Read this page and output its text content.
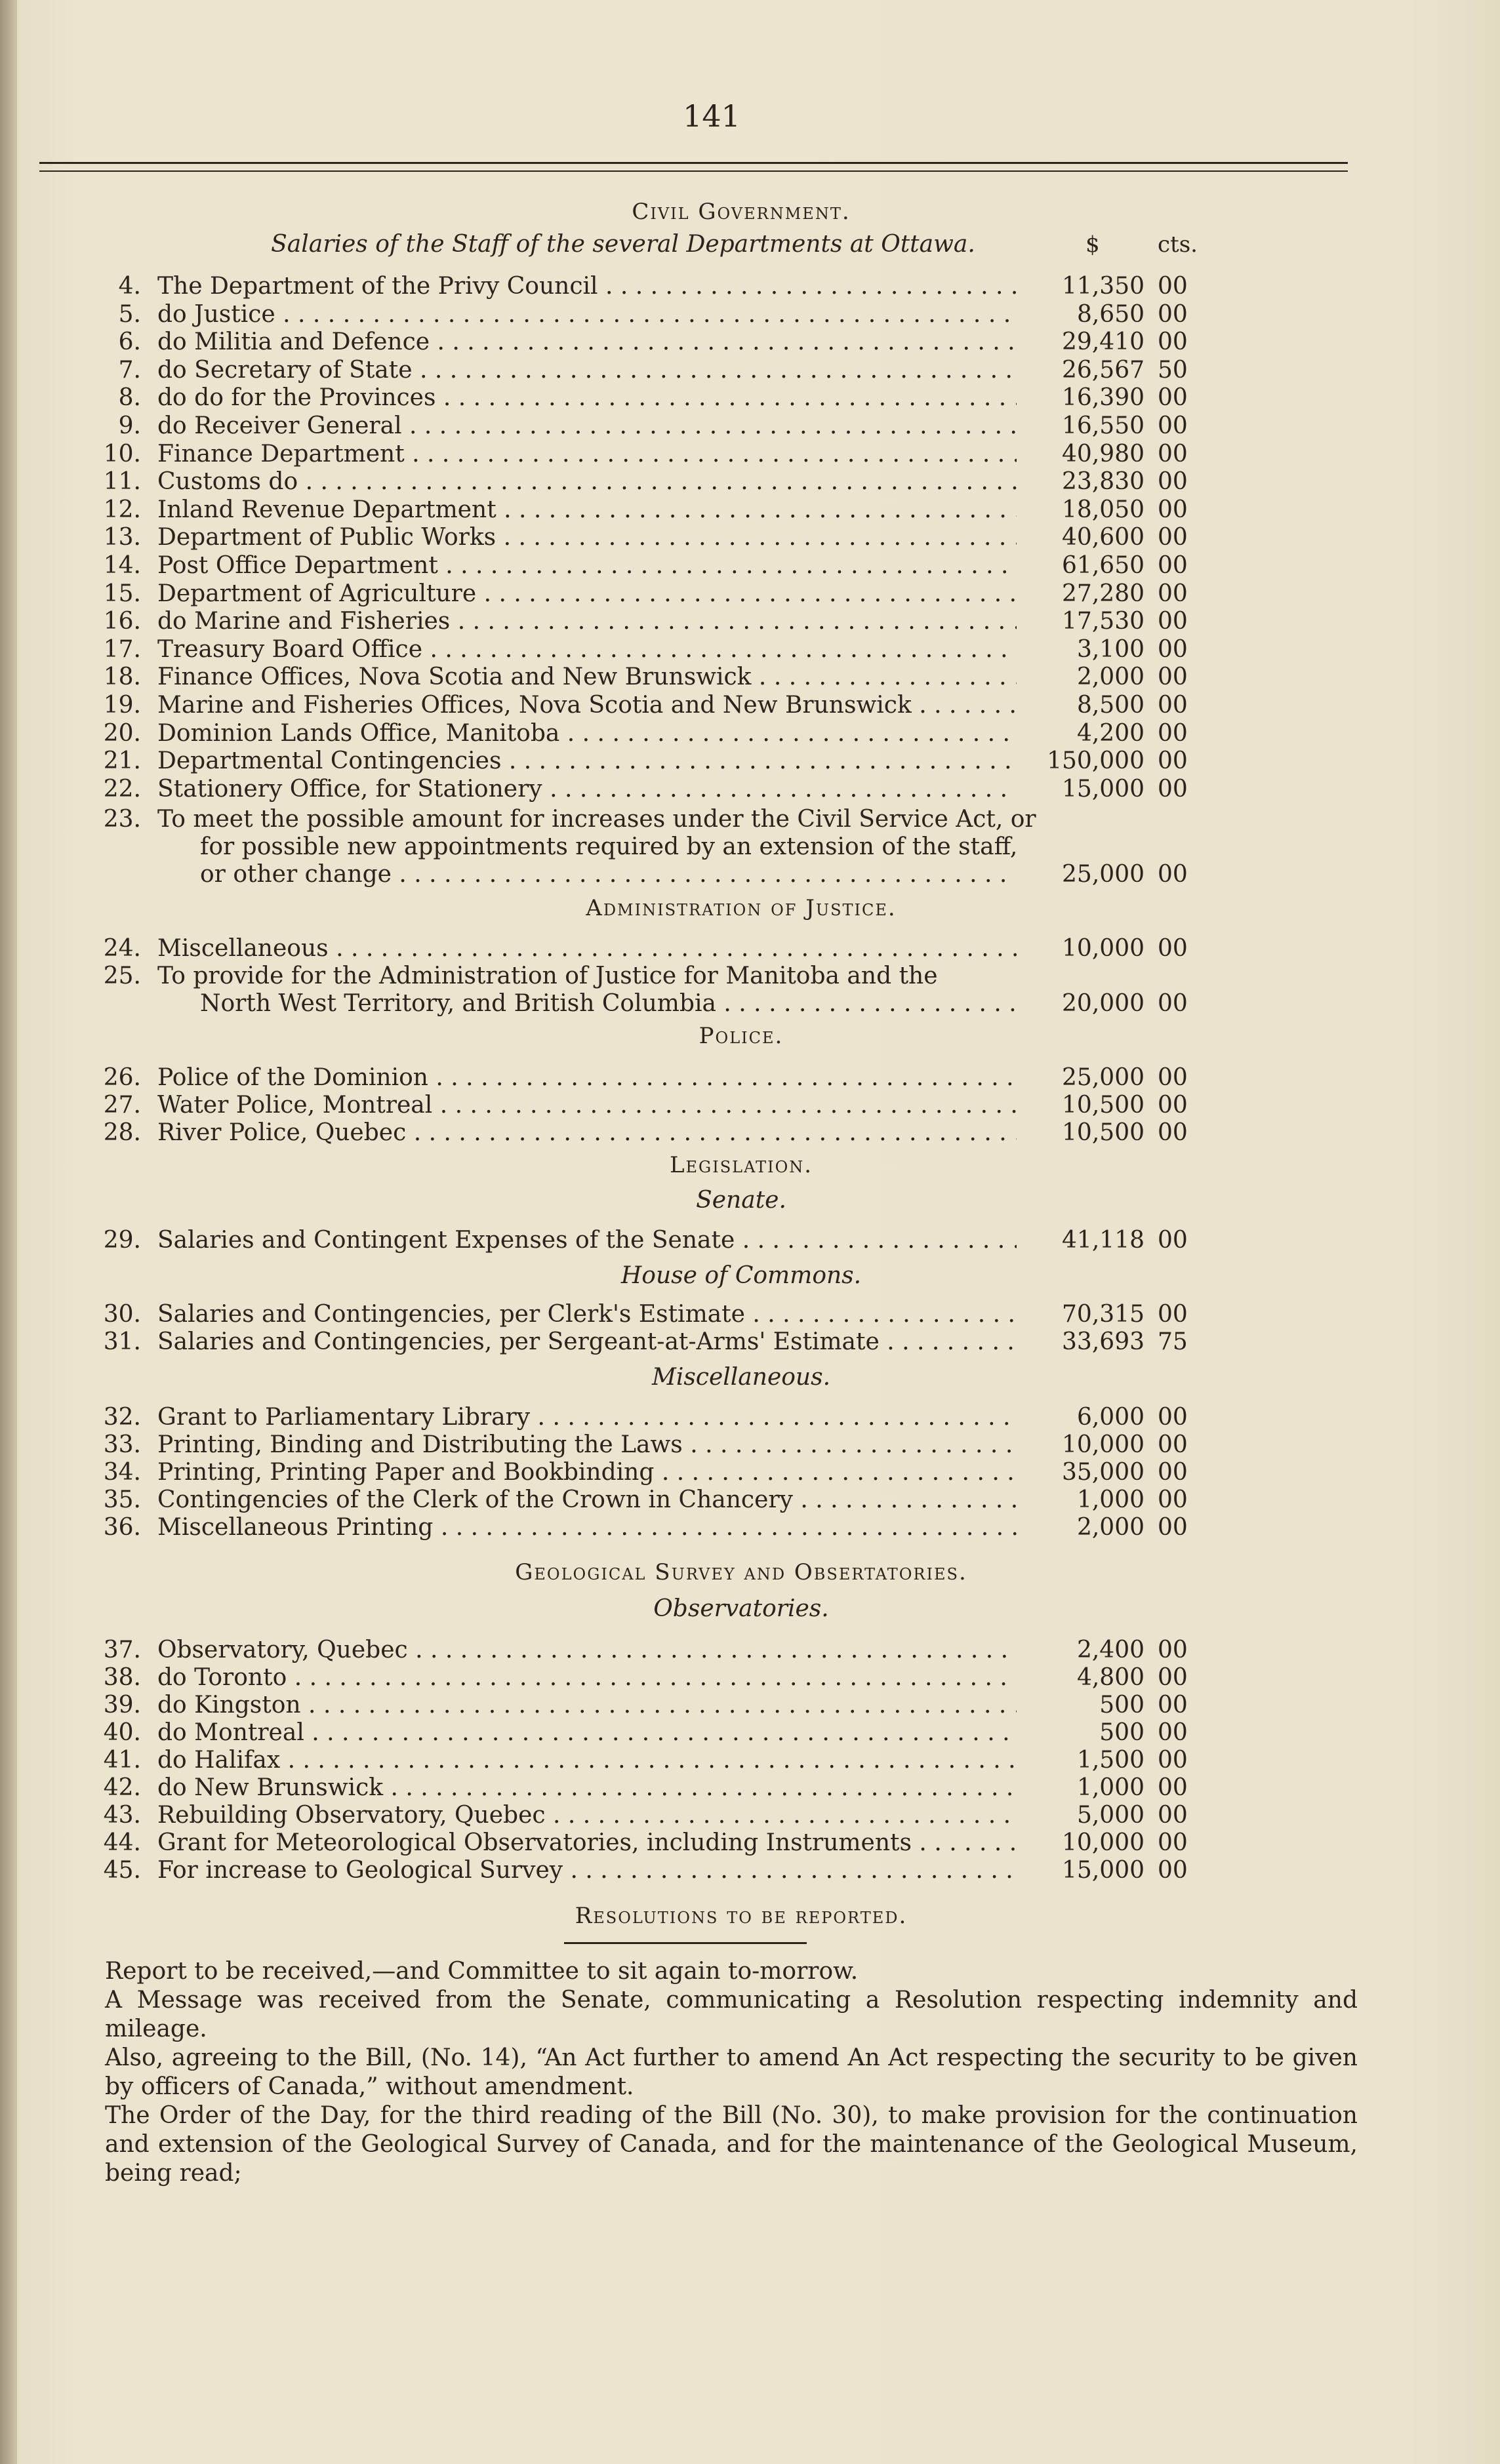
141
Civil Government.
Salaries of the Staff of the several Departments at Ottawa.	$	cts.
4. The Department of the Privy Council . . .	11,350 00
5. do Justice . . .	8,650 00
6. do Militia and Defence . . .	29,410 00
7. do Secretary of State . . .	26,567 50
8. do do for the Provinces . . .	16,390 00
9. do Receiver General . . .	16,550 00
10. Finance Department . . .	40,980 00
11. Customs do . . .	23,830 00
12. Inland Revenue Department . . .	18,050 00
13. Department of Public Works . . .	40,600 00
14. Post Office Department . . .	61,650 00
15. Department of Agriculture . . .	27,280 00
16. do Marine and Fisheries . . .	17,530 00
17. Treasury Board Office . . .	3,100 00
18. Finance Offices, Nova Scotia and New Brunswick . . .	2,000 00
19. Marine and Fisheries Offices, Nova Scotia and New Brunswick . . .	8,500 00
20. Dominion Lands Office, Manitoba . . .	4,200 00
21. Departmental Contingencies . . .	150,000 00
22. Stationery Office, for Stationery . . .	15,000 00
23. To meet the possible amount for increases under the Civil Service Act, or
for possible new appointments required by an extension of the staff,
or other change . . .	25,000 00
Administration of Justice.
24. Miscellaneous . . .	10,000 00
25. To provide for the Administration of Justice for Manitoba and the
North West Territory, and British Columbia . . .	20,000 00
Police.
26. Police of the Dominion . . .	25,000 00
27. Water Police, Montreal . . .	10,500 00
28. River Police, Quebec . . .	10,500 00
Legislation.
Senate.
29. Salaries and Contingent Expenses of the Senate . . .	41,118 00
House of Commons.
30. Salaries and Contingencies, per Clerk's Estimate . . .	70,315 00
31. Salaries and Contingencies, per Sergeant-at-Arms' Estimate . . .	33,693 75
Miscellaneous.
32. Grant to Parliamentary Library . . .	6,000 00
33. Printing, Binding and Distributing the Laws . . .	10,000 00
34. Printing, Printing Paper and Bookbinding . . .	35,000 00
35. Contingencies of the Clerk of the Crown in Chancery . . .	1,000 00
36. Miscellaneous Printing . . .	2,000 00
Geological Survey and Obsertatories.
Observatories.
37. Observatory, Quebec . . .	2,400 00
38. do Toronto . . .	4,800 00
39. do Kingston . . .	500 00
40. do Montreal . . .	500 00
41. do Halifax . . .	1,500 00
42. do New Brunswick . . .	1,000 00
43. Rebuilding Observatory, Quebec . . .	5,000 00
44. Grant for Meteorological Observatories, including Instruments . . .	10,000 00
45. For increase to Geological Survey . . .	15,000 00
Resolutions to be reported.

Report to be received,—and Committee to sit again to-morrow.

A Message was received from the Senate, communicating a Resolution respecting indemnity and mileage.

Also, agreeing to the Bill, (No. 14), “An Act further to amend An Act respecting the security to be given by officers of Canada,” without amendment.

The Order of the Day, for the third reading of the Bill (No. 30), to make provision for the continuation and extension of the Geological Survey of Canada, and for the maintenance of the Geological Museum, being read;
